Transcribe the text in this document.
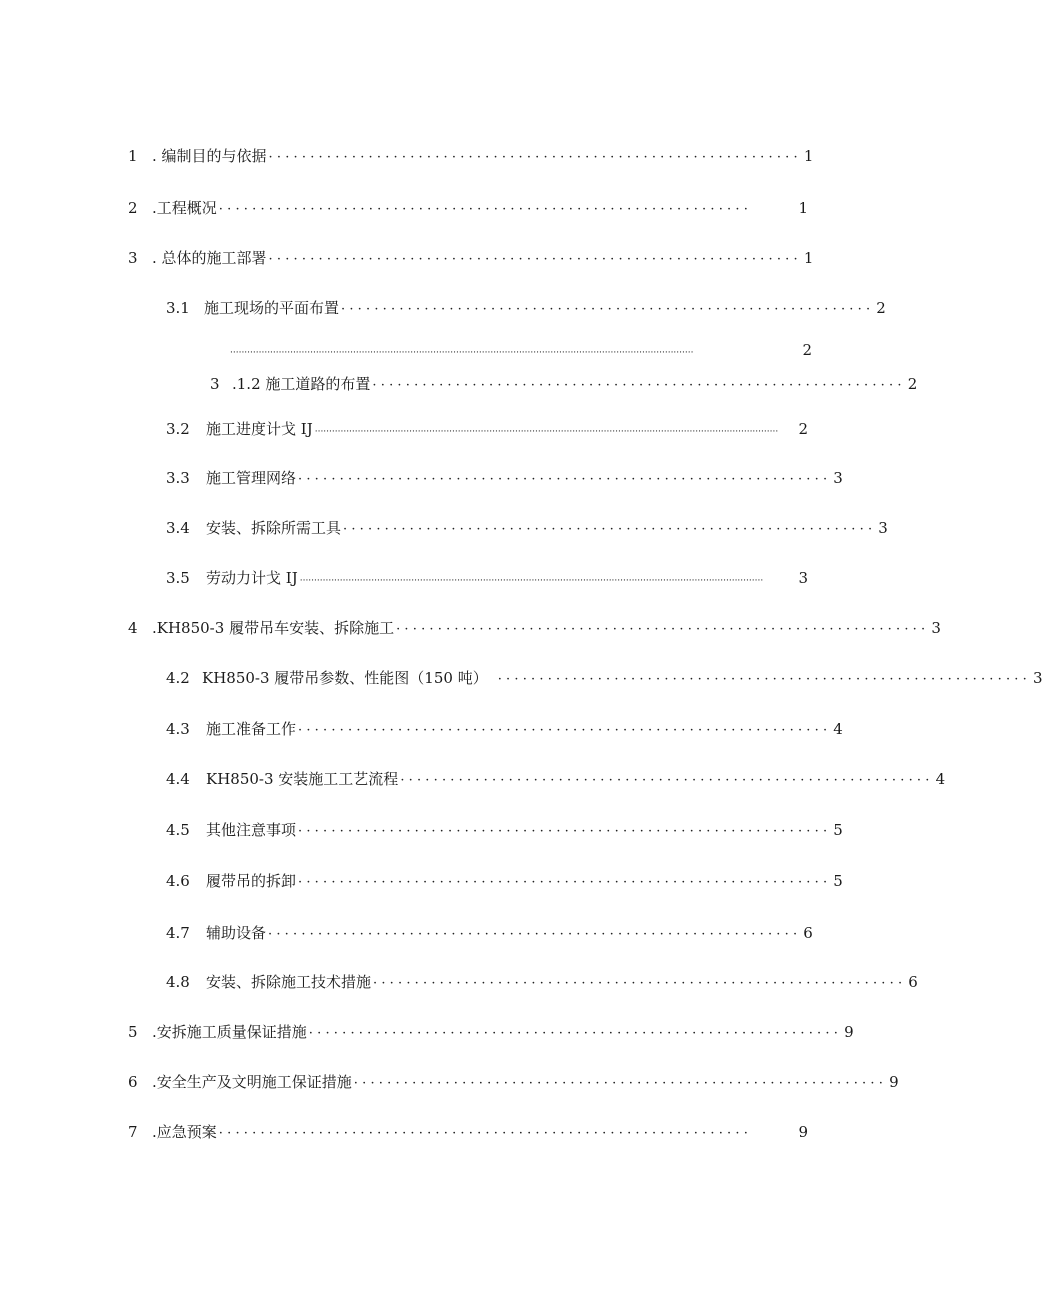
1 . 编制目的与依据 ································································ 1
2 .工程概况 ································································	1
3 . 总体的施工部署 ································································ 1
3.1 施工现场的平面布置 ································································ 2
··································································································································································	2
3 .1.2 施工道路的布置 ································································ 2
3.2	施工进度计戈 IJ ··································································································································································	2
3.3	施工管理网络 ································································ 3
3.4	安装、拆除所需工具 ································································ 3
3.5	劳动力计戈 IJ ··································································································································································	3
4 .KH850-3 履带吊车安装、拆除施工 ································································ 3
4.2 KH850-3 履带吊参数、性能图（150 吨） ································································ 3
4.3	施工准备工作 ································································ 4
4.4	KH850-3 安装施工工艺流程 ································································ 4
4.5	其他注意事项 ································································ 5
4.6	履带吊的拆卸 ································································ 5
4.7	辅助设备 ································································ 6
4.8	安装、拆除施工技术措施 ································································ 6
5 .安拆施工质量保证措施 ································································ 9
6 .安全生产及文明施工保证措施 ································································ 9
7 .应急预案 ································································	9
